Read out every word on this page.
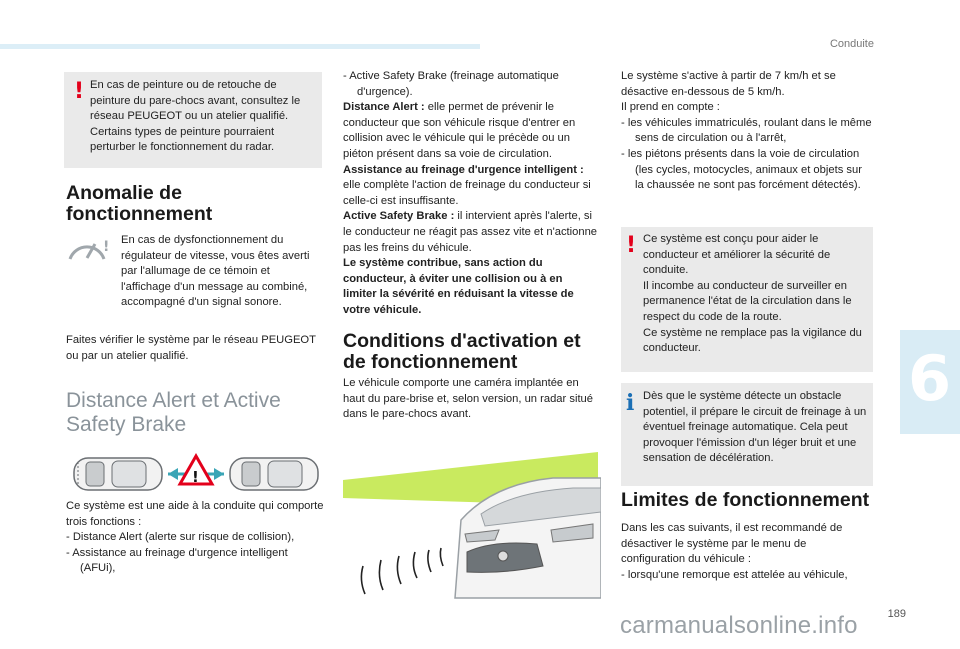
Conduite
6
! En cas de peinture ou de retouche de peinture du pare-chocs avant, consultez le réseau PEUGEOT ou un atelier qualifié. Certains types de peinture pourraient perturber le fonctionnement du radar.

Anomalie de fonctionnement
! En cas de dysfonctionnement du régulateur de vitesse, vous êtes averti par l'allumage de ce témoin et l'affichage d'un message au combiné, accompagné d'un signal sonore.
Faites vérifier le système par le réseau PEUGEOT ou par un atelier qualifié.
Distance Alert et Active Safety Brake
!

Ce système est une aide à la conduite qui comporte trois fonctions :

- Distance Alert (alerte sur risque de collision),

- Assistance au freinage d'urgence intelligent (AFUi),

- Active Safety Brake (freinage automatique d'urgence).

Distance Alert : elle permet de prévenir le conducteur que son véhicule risque d'entrer en collision avec le véhicule qui le précède ou un piéton présent dans sa voie de circulation.

Assistance au freinage d'urgence intelligent : elle complète l'action de freinage du conducteur si celle-ci est insuffisante.

Active Safety Brake : il intervient après l'alerte, si le conducteur ne réagit pas assez vite et n'actionne pas les freins du véhicule.

Le système contribue, sans action du conducteur, à éviter une collision ou à en limiter la sévérité en réduisant la vitesse de votre véhicule.

Conditions d'activation et de fonctionnement
Le véhicule comporte une caméra implantée en haut du pare-brise et, selon version, un radar situé dans le pare-chocs avant.

Le système s'active à partir de 7 km/h et se désactive en-dessous de 5 km/h.

Il prend en compte :

- les véhicules immatriculés, roulant dans le même sens de circulation ou à l'arrêt,

- les piétons présents dans la voie de circulation (les cycles, motocycles, animaux et objets sur la chaussée ne sont pas forcément détectés).

! Ce système est conçu pour aider le conducteur et améliorer la sécurité de conduite.

Il incombe au conducteur de surveiller en permanence l'état de la circulation dans le respect du code de la route.

Ce système ne remplace pas la vigilance du conducteur.

i Dès que le système détecte un obstacle potentiel, il prépare le circuit de freinage à un éventuel freinage automatique. Cela peut provoquer l'émission d'un léger bruit et une sensation de décélération.

Limites de fonctionnement

Dans les cas suivants, il est recommandé de désactiver le système par le menu de configuration du véhicule :

- lorsqu'une remorque est attelée au véhicule,

189
carmanualsonline.info
